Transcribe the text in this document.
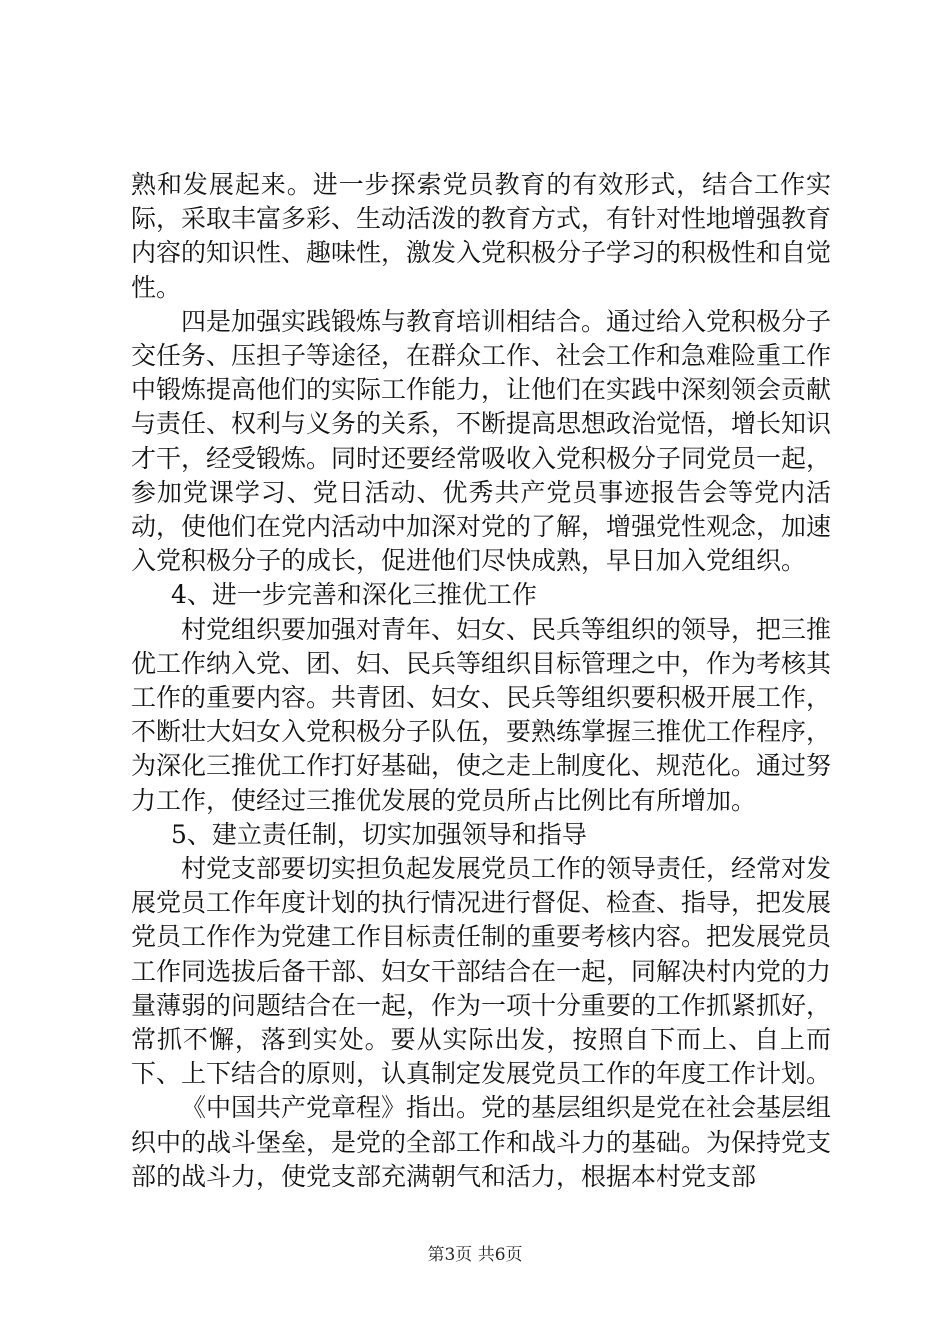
熟和发展起来。进一步探索党员教育的有效形式，结合工作实际，采取丰富多彩、生动活泼的教育方式，有针对性地增强教育内容的知识性、趣味性，激发入党积极分子学习的积极性和自觉性。

四是加强实践锻炼与教育培训相结合。通过给入党积极分子交任务、压担子等途径，在群众工作、社会工作和急难险重工作中锻炼提高他们的实际工作能力，让他们在实践中深刻领会贡献与责任、权利与义务的关系，不断提高思想政治觉悟，增长知识才干，经受锻炼。同时还要经常吸收入党积极分子同党员一起，参加党课学习、党日活动、优秀共产党员事迹报告会等党内活动，使他们在党内活动中加深对党的了解，增强党性观念，加速入党积极分子的成长，促进他们尽快成熟，早日加入党组织。

4、进一步完善和深化三推优工作

村党组织要加强对青年、妇女、民兵等组织的领导，把三推优工作纳入党、团、妇、民兵等组织目标管理之中，作为考核其工作的重要内容。共青团、妇女、民兵等组织要积极开展工作，不断壮大妇女入党积极分子队伍，要熟练掌握三推优工作程序，为深化三推优工作打好基础，使之走上制度化、规范化。通过努力工作，使经过三推优发展的党员所占比例比有所增加。

5、建立责任制，切实加强领导和指导

村党支部要切实担负起发展党员工作的领导责任，经常对发展党员工作年度计划的执行情况进行督促、检查、指导，把发展党员工作作为党建工作目标责任制的重要考核内容。把发展党员工作同选拔后备干部、妇女干部结合在一起，同解决村内党的力量薄弱的问题结合在一起，作为一项十分重要的工作抓紧抓好，常抓不懈，落到实处。要从实际出发，按照自下而上、自上而下、上下结合的原则，认真制定发展党员工作的年度工作计划。

《中国共产党章程》指出。党的基层组织是党在社会基层组织中的战斗堡垒，是党的全部工作和战斗力的基础。为保持党支部的战斗力，使党支部充满朝气和活力，根据本村党支部

第3页 共6页
